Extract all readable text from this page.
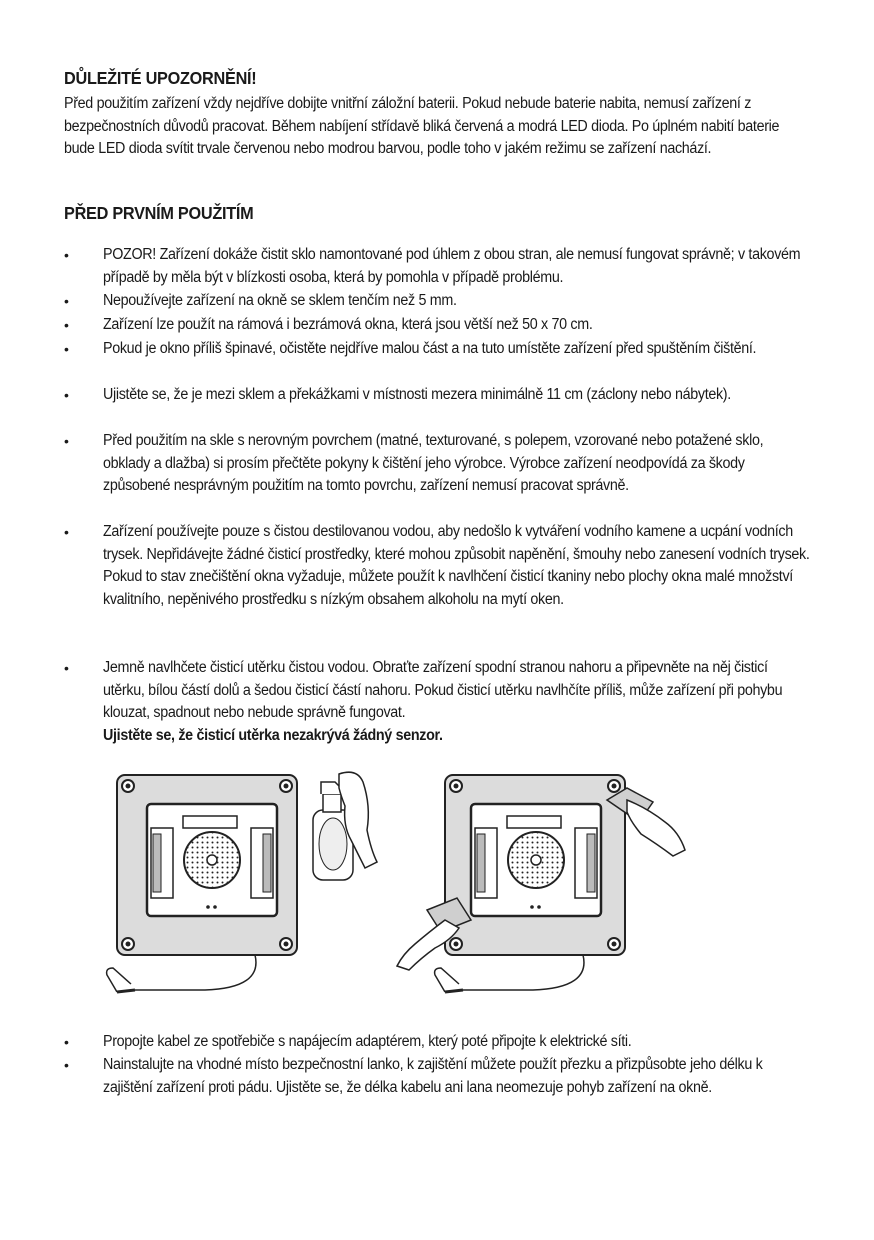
DŮLEŽITÉ UPOZORNĚNÍ!

Před použitím zařízení vždy nejdříve dobijte vnitřní záložní baterii. Pokud nebude baterie nabita, nemusí zařízení z bezpečnostních důvodů pracovat. Během nabíjení střídavě bliká červená a modrá LED dioda. Po úplném nabití baterie bude LED dioda svítit trvale červenou nebo modrou barvou, podle toho v jakém režimu se zařízení nachází.

PŘED PRVNÍM POUŽITÍM
• POZOR! Zařízení dokáže čistit sklo namontované pod úhlem z obou stran, ale nemusí fungovat správně; v takovém případě by měla být v blízkosti osoba, která by pomohla v případě problému.

• Nepoužívejte zařízení na okně se sklem tenčím než 5 mm.

• Zařízení lze použít na rámová i bezrámová okna, která jsou větší než 50 x 70 cm.

• Pokud je okno příliš špinavé, očistěte nejdříve malou část a na tuto umístěte zařízení před spuštěním čištění.

• Ujistěte se, že je mezi sklem a překážkami v místnosti mezera minimálně 11 cm (záclony nebo nábytek).

• Před použitím na skle s nerovným povrchem (matné, texturované, s polepem, vzorované nebo potažené sklo, obklady a dlažba) si prosím přečtěte pokyny k čištění jeho výrobce. Výrobce zařízení neodpovídá za škody způsobené nesprávným použitím na tomto povrchu, zařízení nemusí pracovat správně.

• Zařízení používejte pouze s čistou destilovanou vodou, aby nedošlo k vytváření vodního kamene a ucpání vodních trysek. Nepřidávejte žádné čisticí prostředky, které mohou způsobit napěnění, šmouhy nebo zanesení vodních trysek. Pokud to stav znečištění okna vyžaduje, můžete použít k navlhčení čisticí tkaniny nebo plochy okna malé množství kvalitního, nepěnivého prostředku s nízkým obsahem alkoholu na mytí oken.

• Jemně navlhčete čisticí utěrku čistou vodou. Obraťte zařízení spodní stranou nahoru a připevněte na něj čisticí utěrku, bílou částí dolů a šedou čisticí částí nahoru. Pokud čisticí utěrku navlhčíte příliš, může zařízení při pohybu klouzat, spadnout nebo nebude správně fungovat.
Ujistěte se, že čisticí utěrka nezakrývá žádný senzor.

• Propojte kabel ze spotřebiče s napájecím adaptérem, který poté připojte k elektrické síti.

• Nainstalujte na vhodné místo bezpečnostní lanko, k zajištění můžete použít přezku a přizpůsobte jeho délku k zajištění zařízení proti pádu. Ujistěte se, že délka kabelu ani lana neomezuje pohyb zařízení na okně.
